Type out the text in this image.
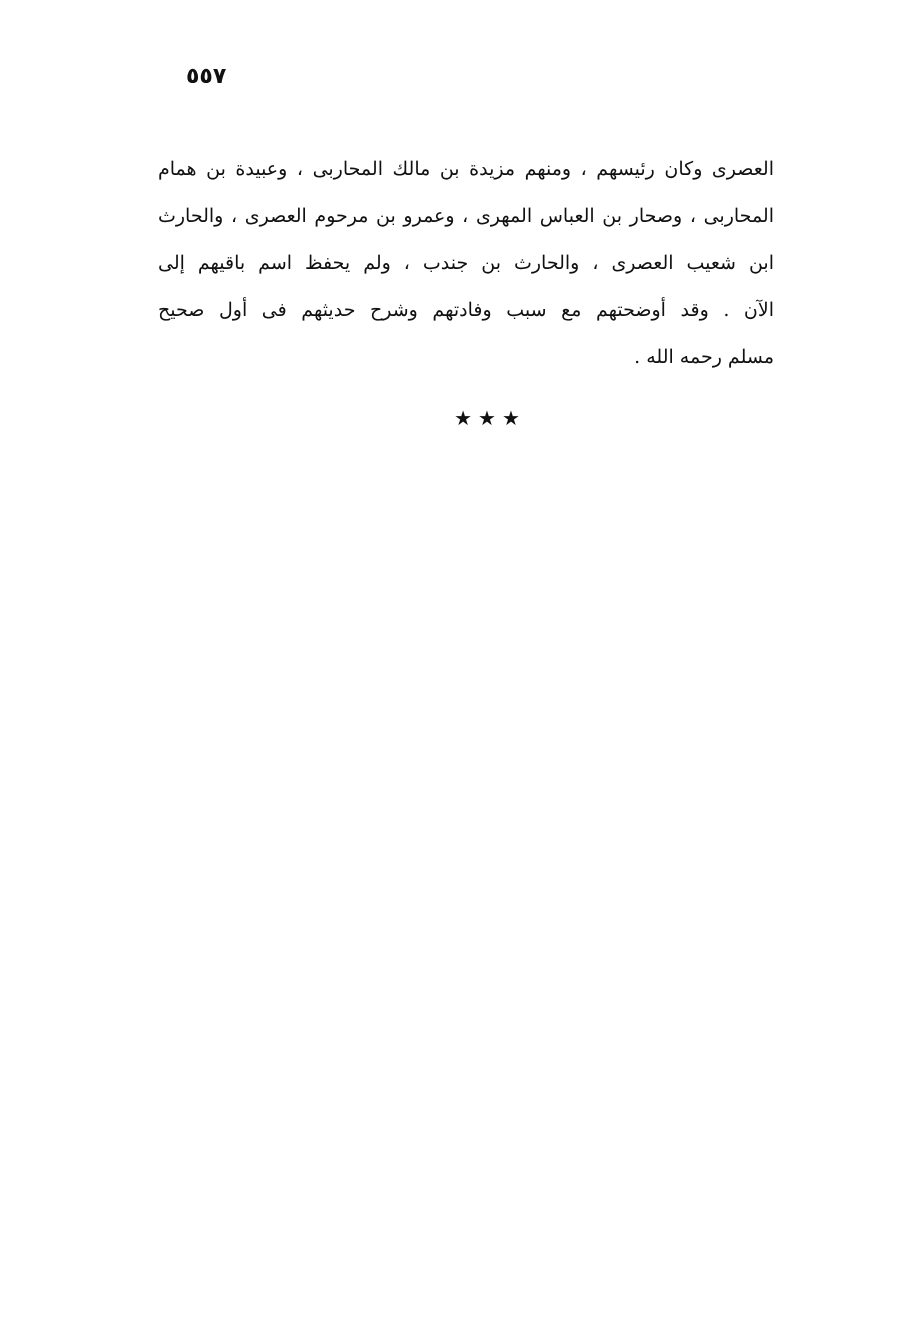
٥٥٧
العصرى وكان رئيسهم ، ومنهم مزيدة بن مالك المحاربى ، وعبيدة بن همام
المحاربى ، وصحار بن العباس المهرى ، وعمرو بن مرحوم العصرى ، والحارث
ابن شعيب العصرى ، والحارث بن جندب ، ولم يحفظ اسم باقيهم إلى
الآن . وقد أوضحتهم مع سبب وفادتهم وشرح حديثهم فى أول صحيح
مسلم رحمه الله .
★★★
